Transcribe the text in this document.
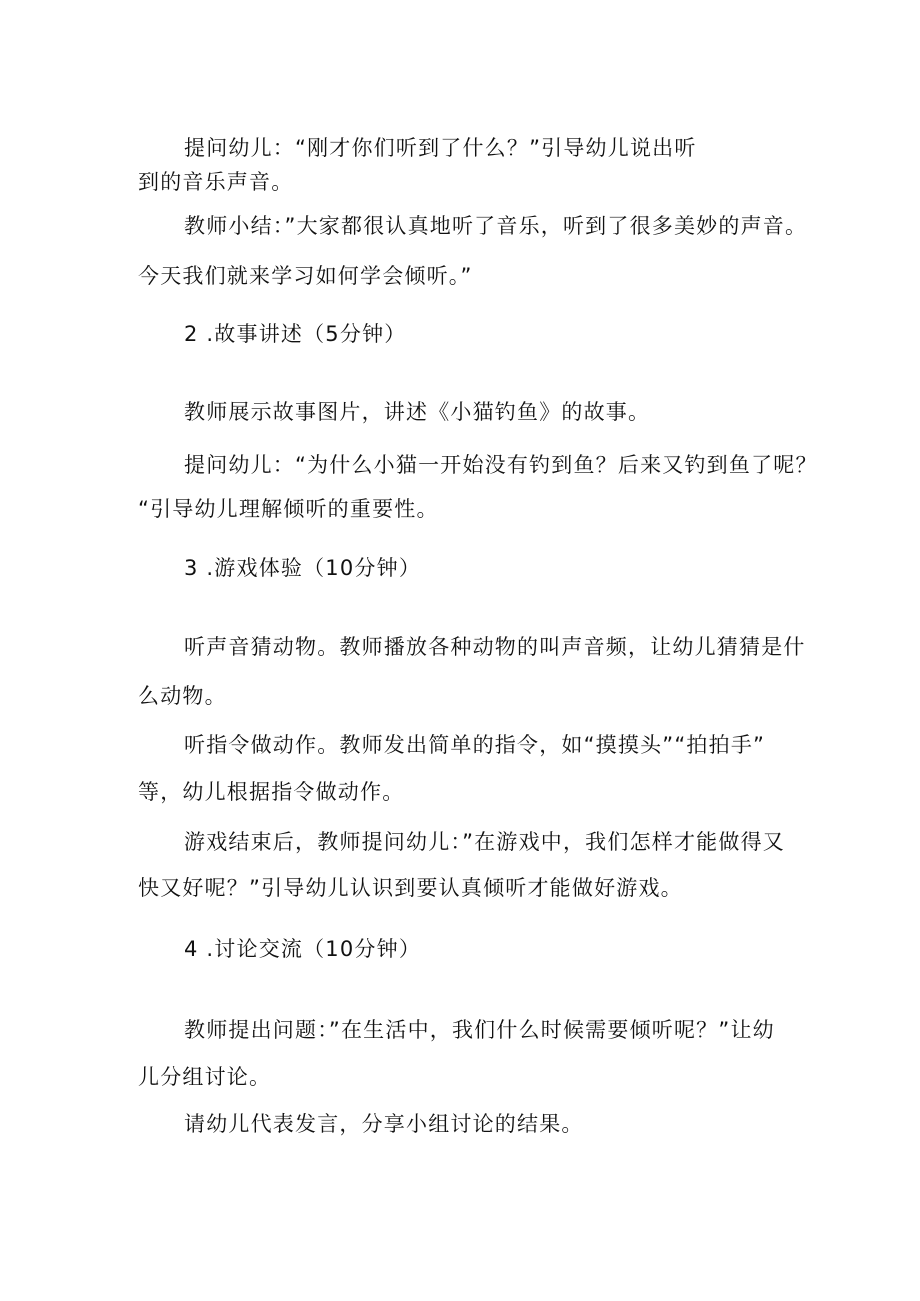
提问幼儿：“刚才你们听到了什么？”引导幼儿说出听
到的音乐声音。
教师小结：”大家都很认真地听了音乐，听到了很多美妙的声音。
今天我们就来学习如何学会倾听。”
2 .故事讲述（5分钟）
教师展示故事图片，讲述《小猫钓鱼》的故事。
提问幼儿：“为什么小猫一开始没有钓到鱼？后来又钓到鱼了呢？
“引导幼儿理解倾听的重要性。
3 .游戏体验（10分钟）
听声音猜动物。教师播放各种动物的叫声音频，让幼儿猜猜是什
么动物。
听指令做动作。教师发出简单的指令，如“摸摸头”“拍拍手”
等，幼儿根据指令做动作。
游戏结束后，教师提问幼儿：”在游戏中，我们怎样才能做得又
快又好呢？”引导幼儿认识到要认真倾听才能做好游戏。
4 .讨论交流（10分钟）
教师提出问题：”在生活中，我们什么时候需要倾听呢？”让幼
儿分组讨论。
请幼儿代表发言，分享小组讨论的结果。
